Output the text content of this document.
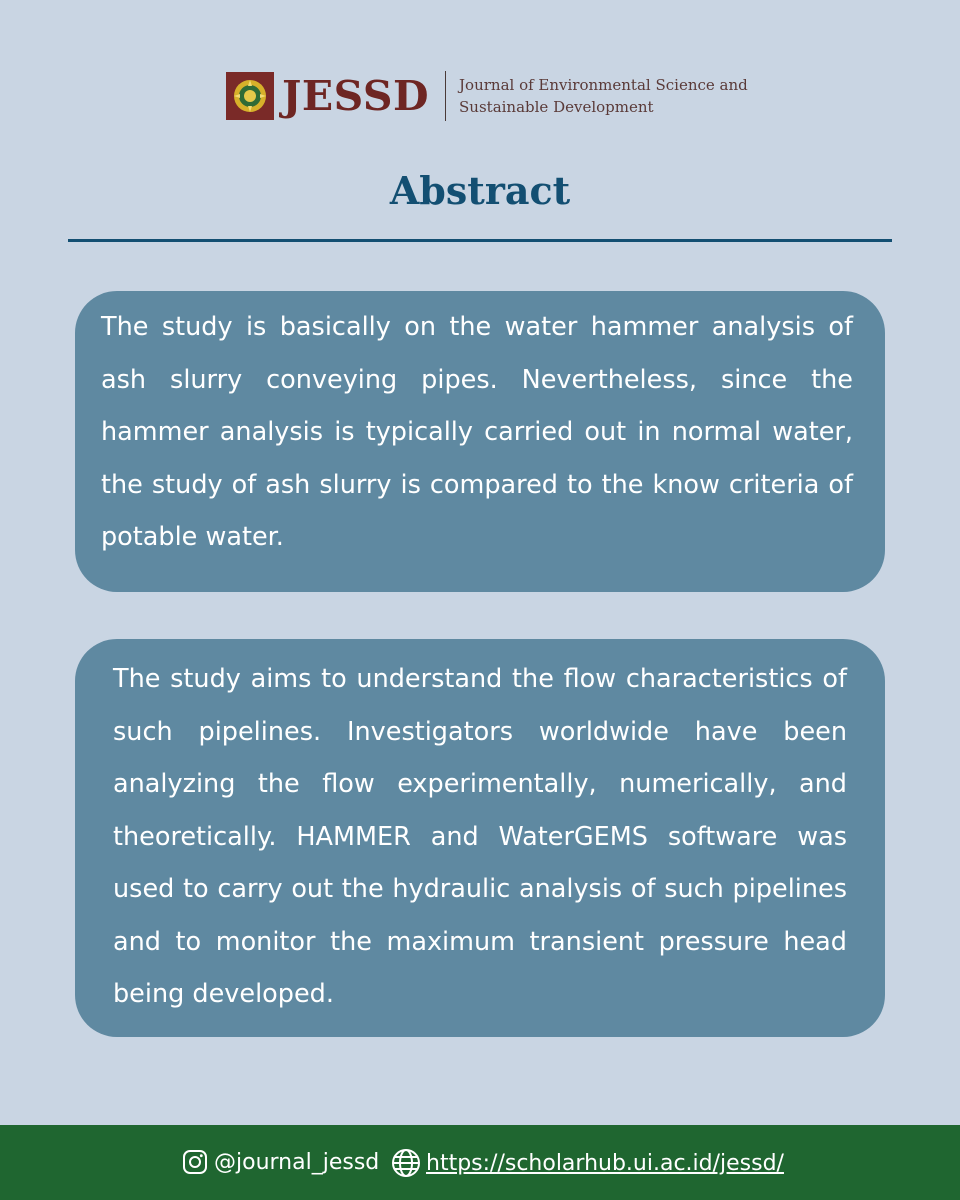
JESSD Journal of Environmental Science and
Sustainable Development
Abstract
The study is basically on the water hammer analysis of ash slurry conveying pipes. Nevertheless, since the hammer analysis is typically carried out in normal water, the study of ash slurry is compared to the know criteria of potable water.
The study aims to understand the flow characteristics of such pipelines. Investigators worldwide have been analyzing the flow experimentally, numerically, and theoretically. HAMMER and WaterGEMS software was used to carry out the hydraulic analysis of such pipelines and to monitor the maximum transient pressure head being developed.
@journal_jessd https://scholarhub.ui.ac.id/jessd/
